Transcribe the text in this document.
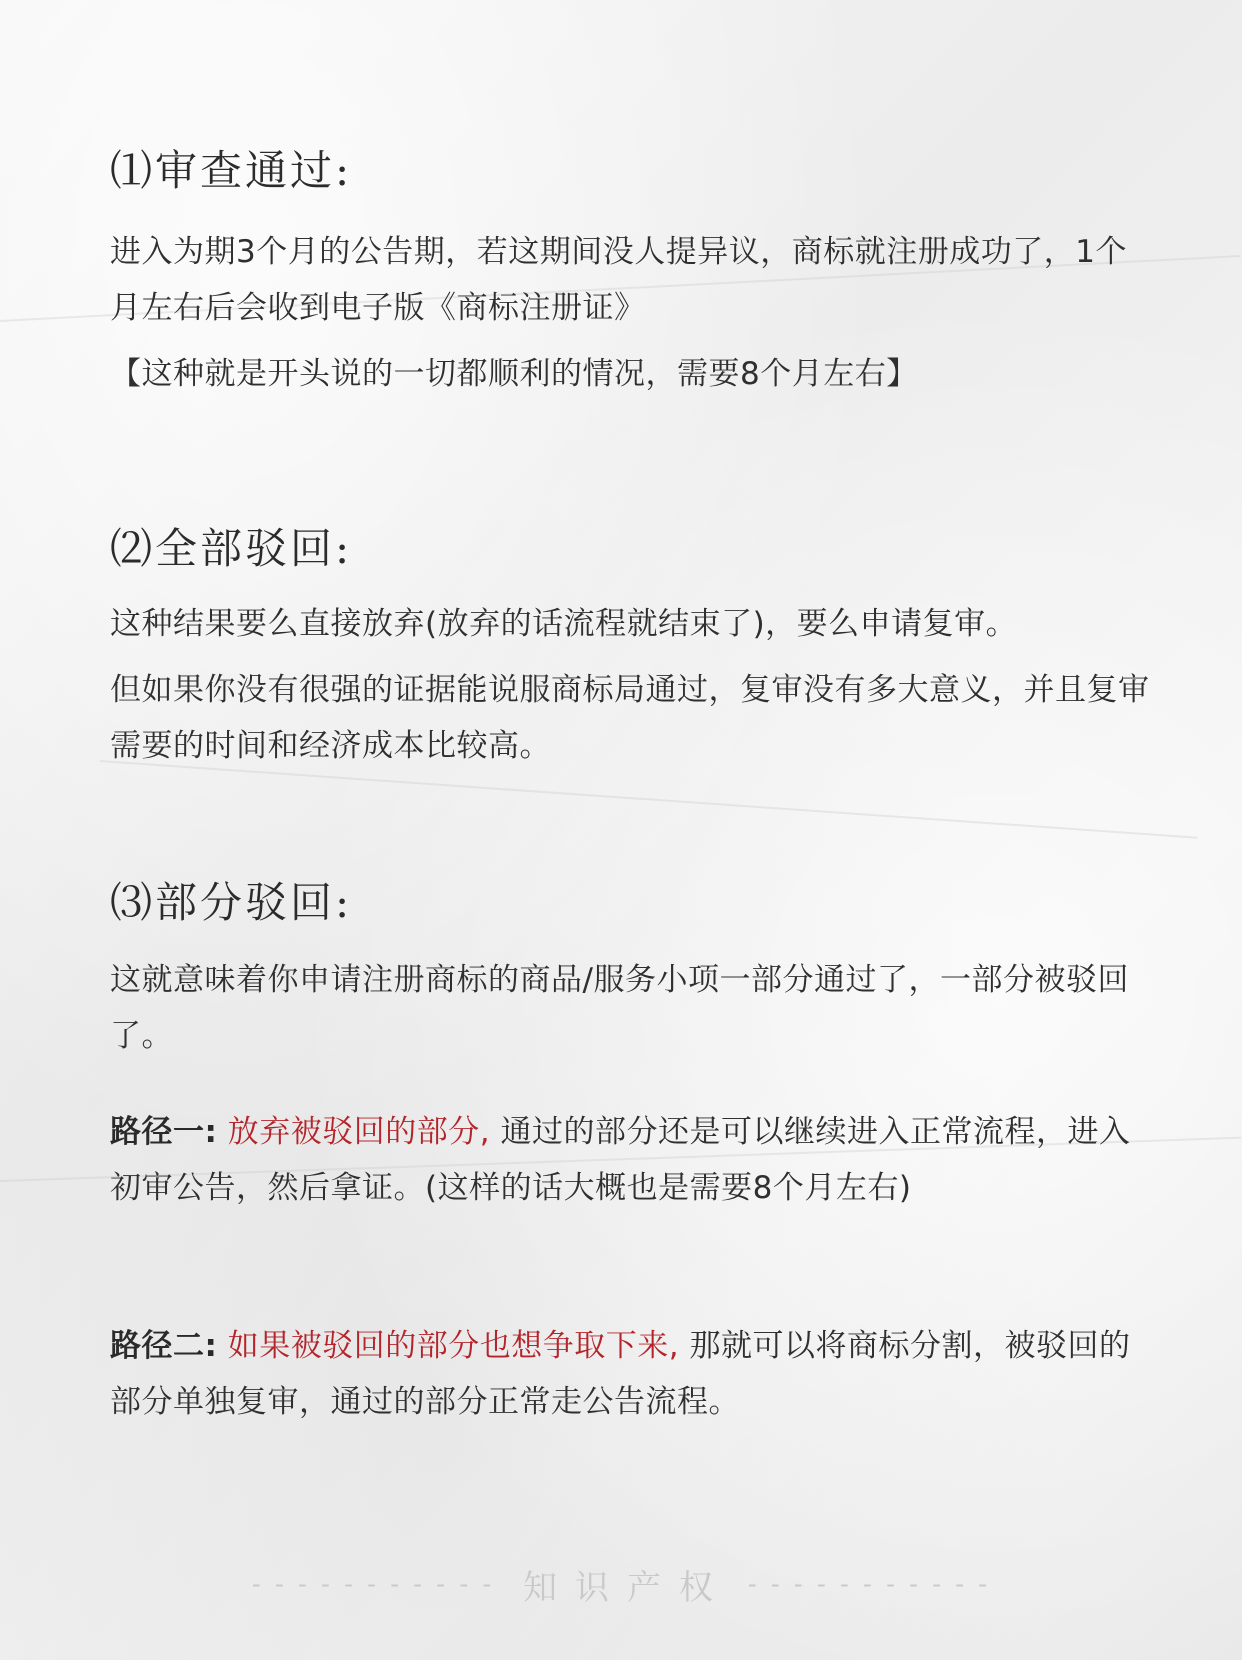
⑴审查通过:

进入为期3个月的公告期，若这期间没人提异议，商标就注册成功了，1个月左右后会收到电子版《商标注册证》

【这种就是开头说的一切都顺利的情况，需要8个月左右】

⑵全部驳回:

这种结果要么直接放弃(放弃的话流程就结束了)，要么申请复审。

但如果你没有很强的证据能说服商标局通过，复审没有多大意义，并且复审需要的时间和经济成本比较高。

⑶部分驳回:

这就意味着你申请注册商标的商品/服务小项一部分通过了，一部分被驳回了。

路径一: 放弃被驳回的部分, 通过的部分还是可以继续进入正常流程，进入初审公告，然后拿证。(这样的话大概也是需要8个月左右)

路径二: 如果被驳回的部分也想争取下来, 那就可以将商标分割，被驳回的部分单独复审，通过的部分正常走公告流程。

- - - - - - - - - - - 知识产权 - - - - - - - - - - -
